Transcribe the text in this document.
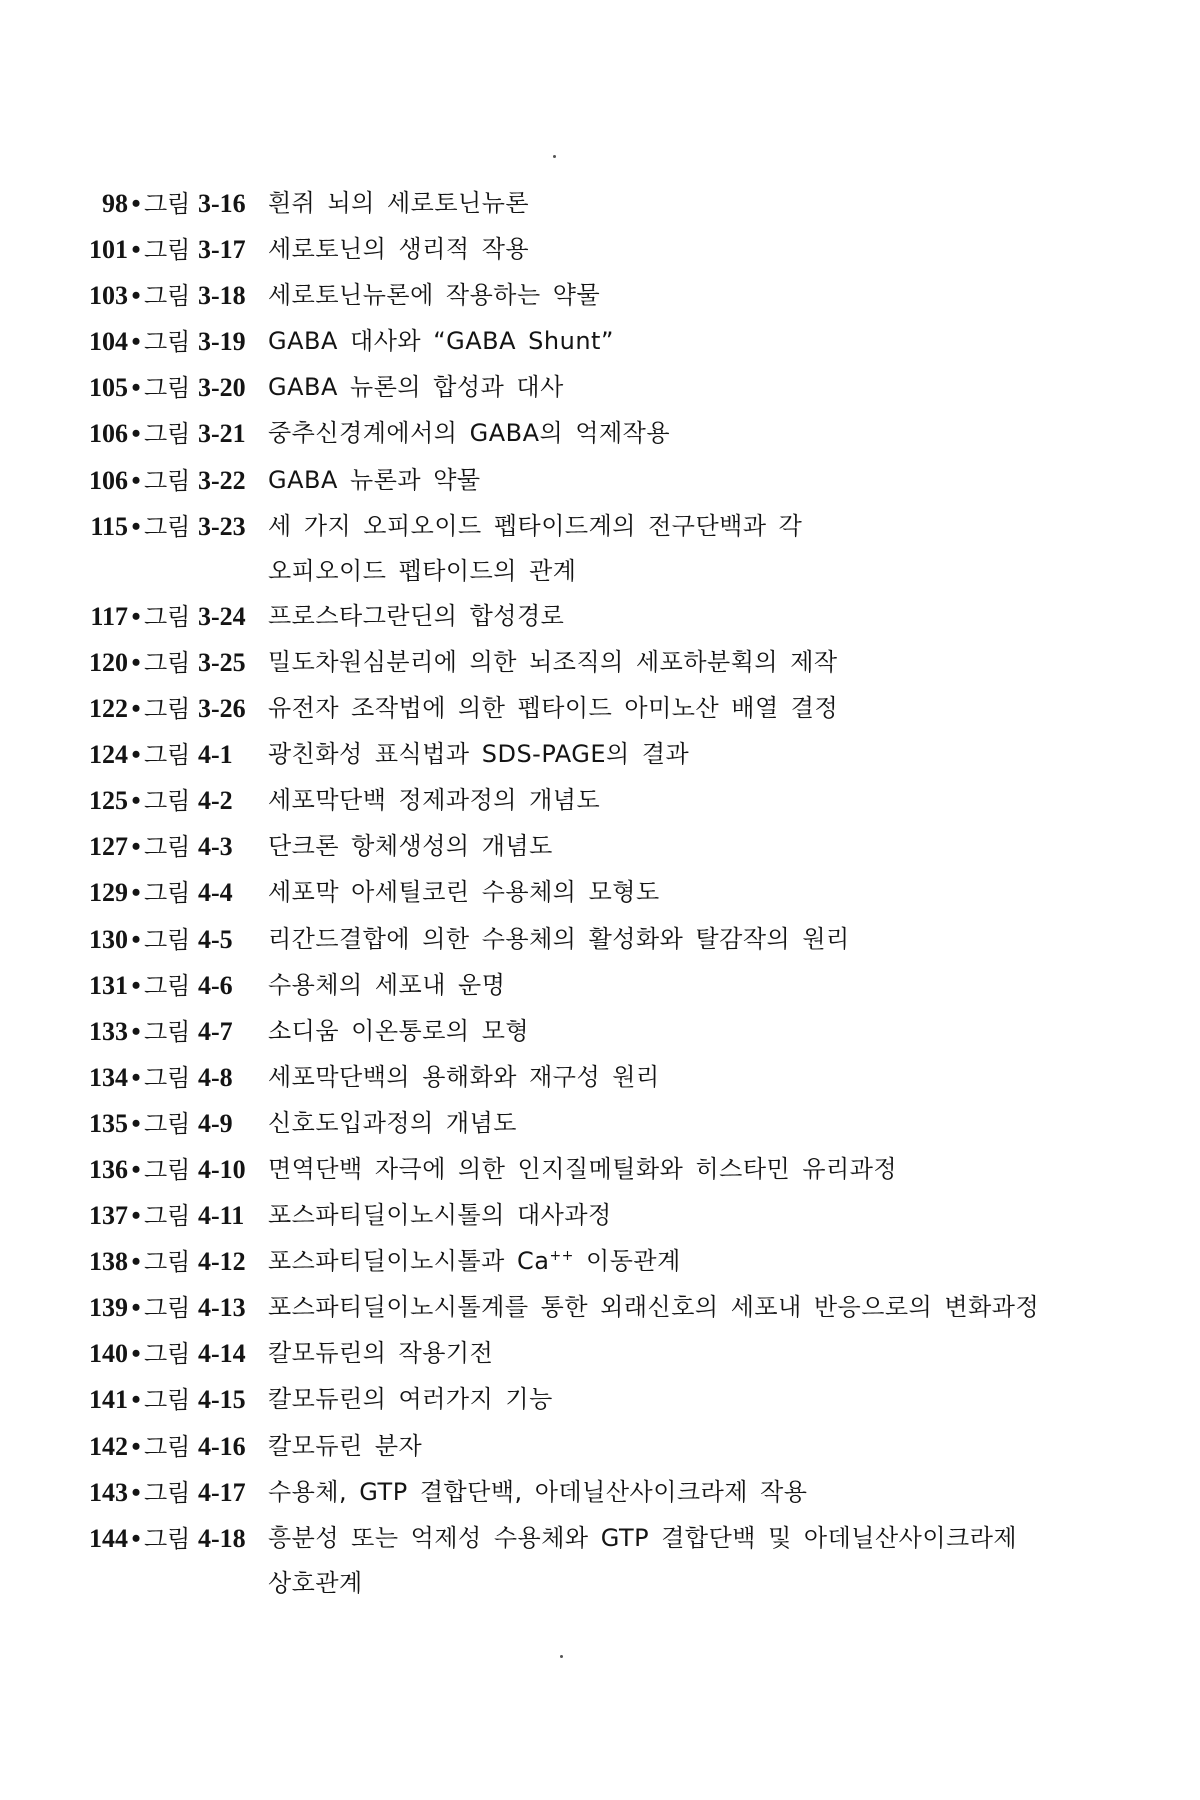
98 • 그림 3-16 흰쥐 뇌의 세로토닌뉴론
101 • 그림 3-17 세로토닌의 생리적 작용
103 • 그림 3-18 세로토닌뉴론에 작용하는 약물
104 • 그림 3-19 GABA 대사와 “GABA Shunt”
105 • 그림 3-20 GABA 뉴론의 합성과 대사
106 • 그림 3-21 중추신경계에서의 GABA의 억제작용
106 • 그림 3-22 GABA 뉴론과 약물
115 • 그림 3-23 세 가지 오피오이드 펩타이드계의 전구단백과 각
오피오이드 펩타이드의 관계
117 • 그림 3-24 프로스타그란딘의 합성경로
120 • 그림 3-25 밀도차원심분리에 의한 뇌조직의 세포하분획의 제작
122 • 그림 3-26 유전자 조작법에 의한 펩타이드 아미노산 배열 결정
124 • 그림 4-1	광친화성 표식법과 SDS-PAGE의 결과
125 • 그림 4-2	세포막단백 정제과정의 개념도
127 • 그림 4-3	단크론 항체생성의 개념도
129 • 그림 4-4	세포막 아세틸코린 수용체의 모형도
130 • 그림 4-5	리간드결합에 의한 수용체의 활성화와 탈감작의 원리
131 • 그림 4-6	수용체의 세포내 운명
133 • 그림 4-7	소디움 이온통로의 모형
134 • 그림 4-8	세포막단백의 용해화와 재구성 원리
135 • 그림 4-9	신호도입과정의 개념도
136 • 그림 4-10 면역단백 자극에 의한 인지질메틸화와 히스타민 유리과정
137 • 그림 4-11 포스파티딜이노시톨의 대사과정
138 • 그림 4-12 포스파티딜이노시톨과 Ca++ 이동관계
139 • 그림 4-13 포스파티딜이노시톨계를 통한 외래신호의 세포내 반응으로의 변화과정
140 • 그림 4-14 칼모듀린의 작용기전
141 • 그림 4-15 칼모듀린의 여러가지 기능
142 • 그림 4-16 칼모듀린 분자
143 • 그림 4-17 수용체, GTP 결합단백, 아데닐산사이크라제 작용
144 • 그림 4-18 흥분성 또는 억제성 수용체와 GTP 결합단백 및 아데닐산사이크라제
상호관계
